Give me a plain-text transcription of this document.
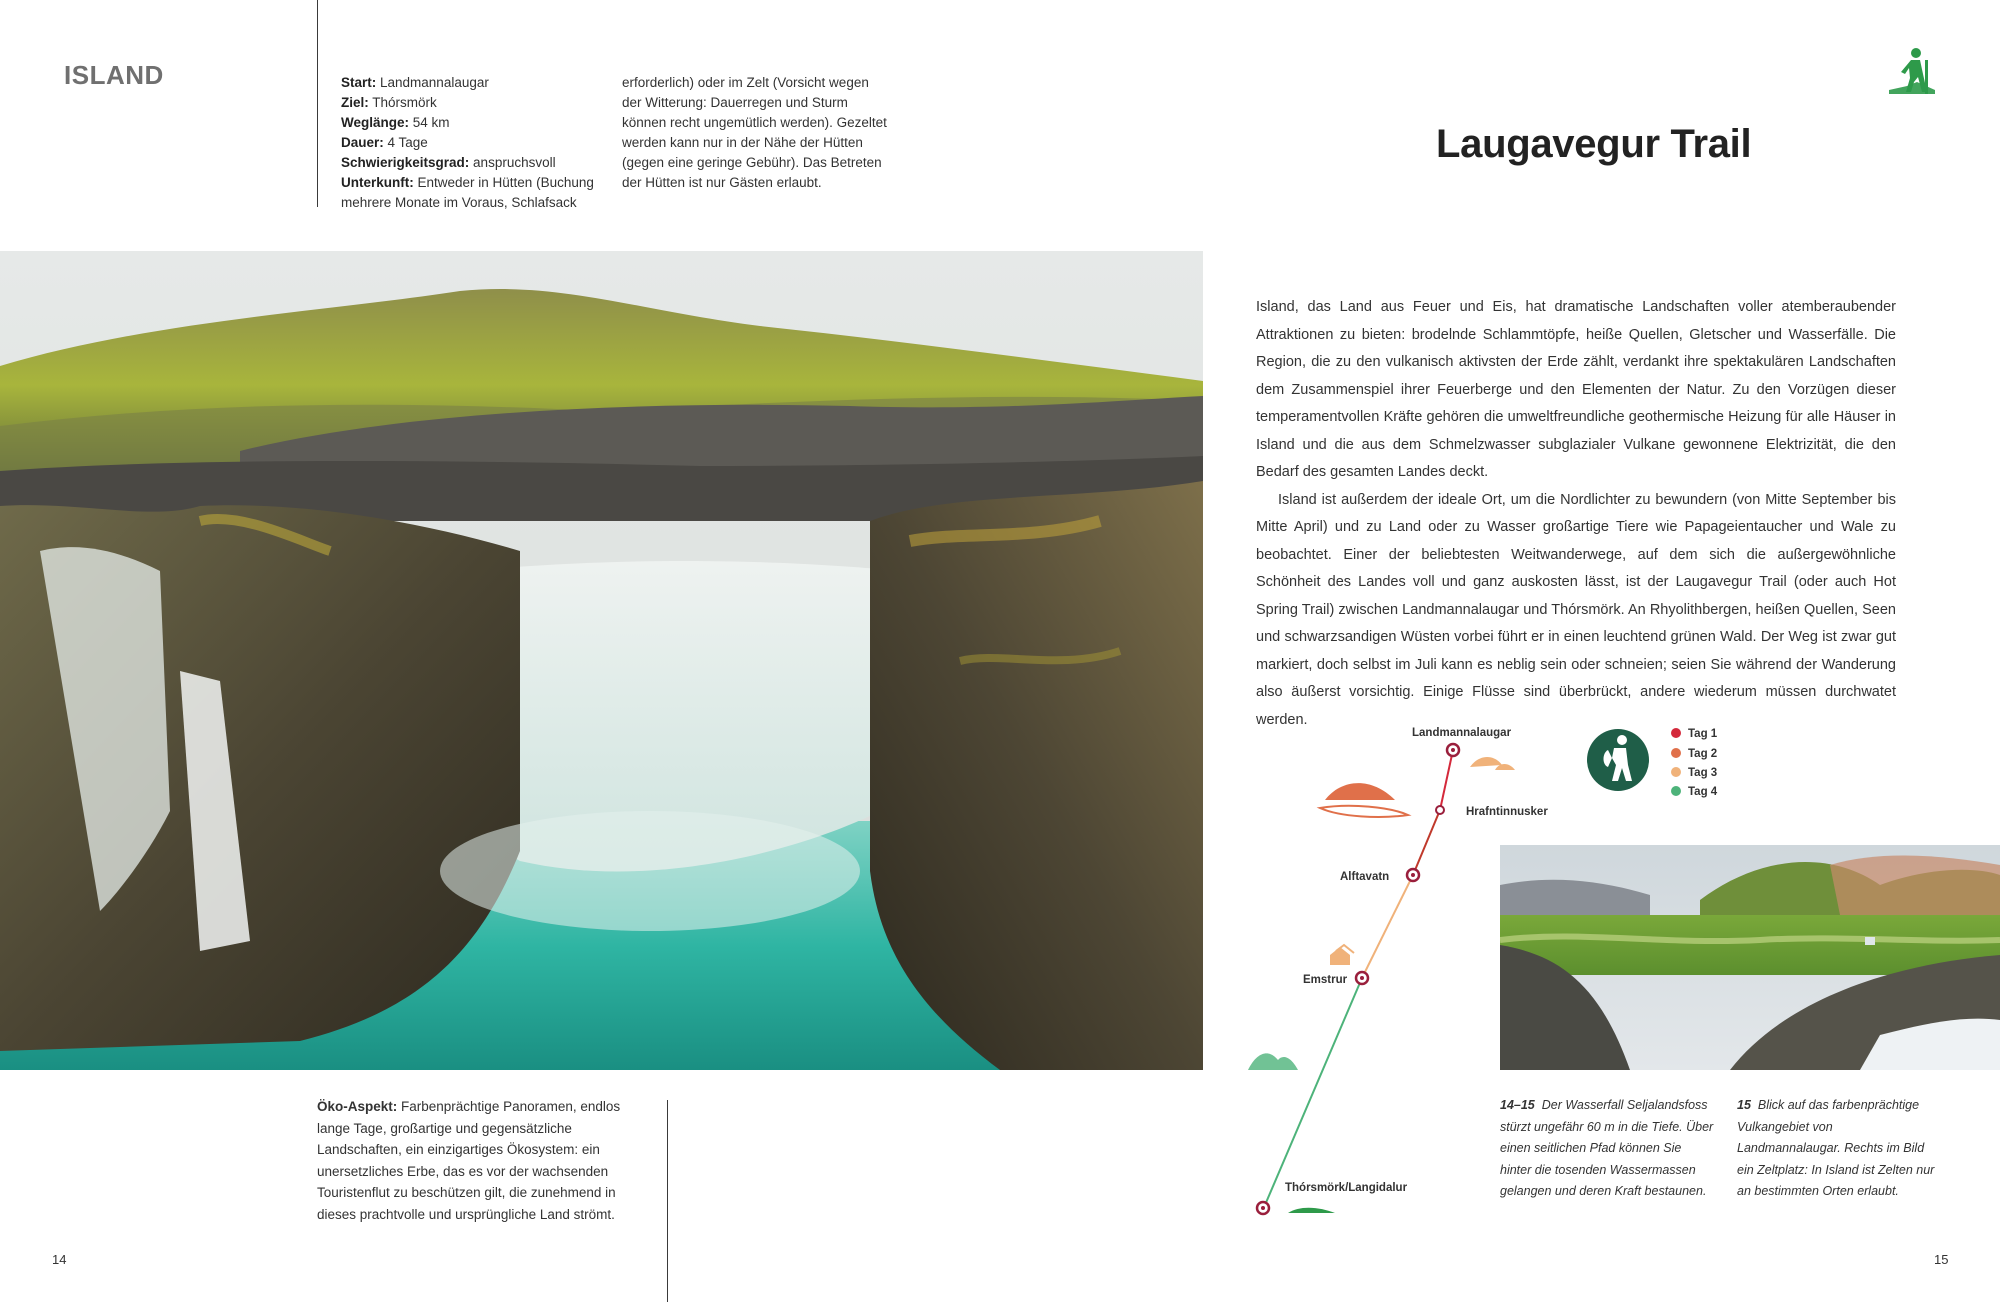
ISLAND	Start: Landmannalaugar
Ziel: Thórsmörk
Weglänge: 54 km
Dauer: 4 Tage
Schwierigkeitsgrad: anspruchsvoll
Unterkunft: Entweder in Hütten (Buchung
mehrere Monate im Voraus, Schlafsack
erforderlich) oder im Zelt (Vorsicht wegen
der Witterung: Dauerregen und Sturm
können recht ungemütlich werden). Gezeltet
werden kann nur in der Nähe der Hütten
(gegen eine geringe Gebühr). Das Betreten
der Hütten ist nur Gästen erlaubt.
Laugavegur Trail

Island, das Land aus Feuer und Eis, hat dramatische Landschaften voller atemberaubender Attraktionen zu bieten: brodelnde Schlammtöpfe, heiße Quellen, Gletscher und Wasserfälle. Die Region, die zu den vulkanisch aktivsten der Erde zählt, verdankt ihre spektakulären Landschaften dem Zusammenspiel ihrer Feuerberge und den Elementen der Natur. Zu den Vorzügen dieser temperamentvollen Kräfte gehören die umweltfreundliche geothermische Heizung für alle Häuser in Island und die aus dem Schmelzwasser subglazialer Vulkane gewonnene Elektrizität, die den Bedarf des gesamten Landes deckt.

Island ist außerdem der ideale Ort, um die Nordlichter zu bewundern (von Mitte September bis Mitte April) und zu Land oder zu Wasser großartige Tiere wie Papageientaucher und Wale zu beobachtet. Einer der beliebtesten Weitwanderwege, auf dem sich die außergewöhnliche Schönheit des Landes voll und ganz auskosten lässt, ist der Laugavegur Trail (oder auch Hot Spring Trail) zwischen Landmannalaugar und Thórsmörk. An Rhyolithbergen, heißen Quellen, Seen und schwarzsandigen Wüsten vorbei führt er in einen leuchtend grünen Wald. Der Weg ist zwar gut markiert, doch selbst im Juli kann es neblig sein oder schneien; seien Sie während der Wanderung also äußerst vorsichtig. Einige Flüsse sind überbrückt, andere wiederum müssen durchwatet werden.

Landmannalaugar
Hrafntinnusker
Alftavatn
Emstrur
Thórsmörk/Langidalur
Tag 1
Tag 2
Tag 3
Tag 4
Öko-Aspekt: Farbenprächtige Panoramen, endlos lange Tage, großartige und gegensätzliche Landschaften, ein einzigartiges Ökosystem: ein unersetzliches Erbe, das es vor der wachsenden Touristenflut zu beschützen gilt, die zunehmend in dieses prachtvolle und ursprüngliche Land strömt.
14–15 Der Wasserfall Seljalandsfoss stürzt ungefähr 60 m in die Tiefe. Über einen seitlichen Pfad können Sie hinter die tosenden Wassermassen gelangen und deren Kraft bestaunen.
15 Blick auf das farbenprächtige Vulkangebiet von Landmannalaugar. Rechts im Bild ein Zeltplatz: In Island ist Zelten nur an bestimmten Orten erlaubt.
14	15
